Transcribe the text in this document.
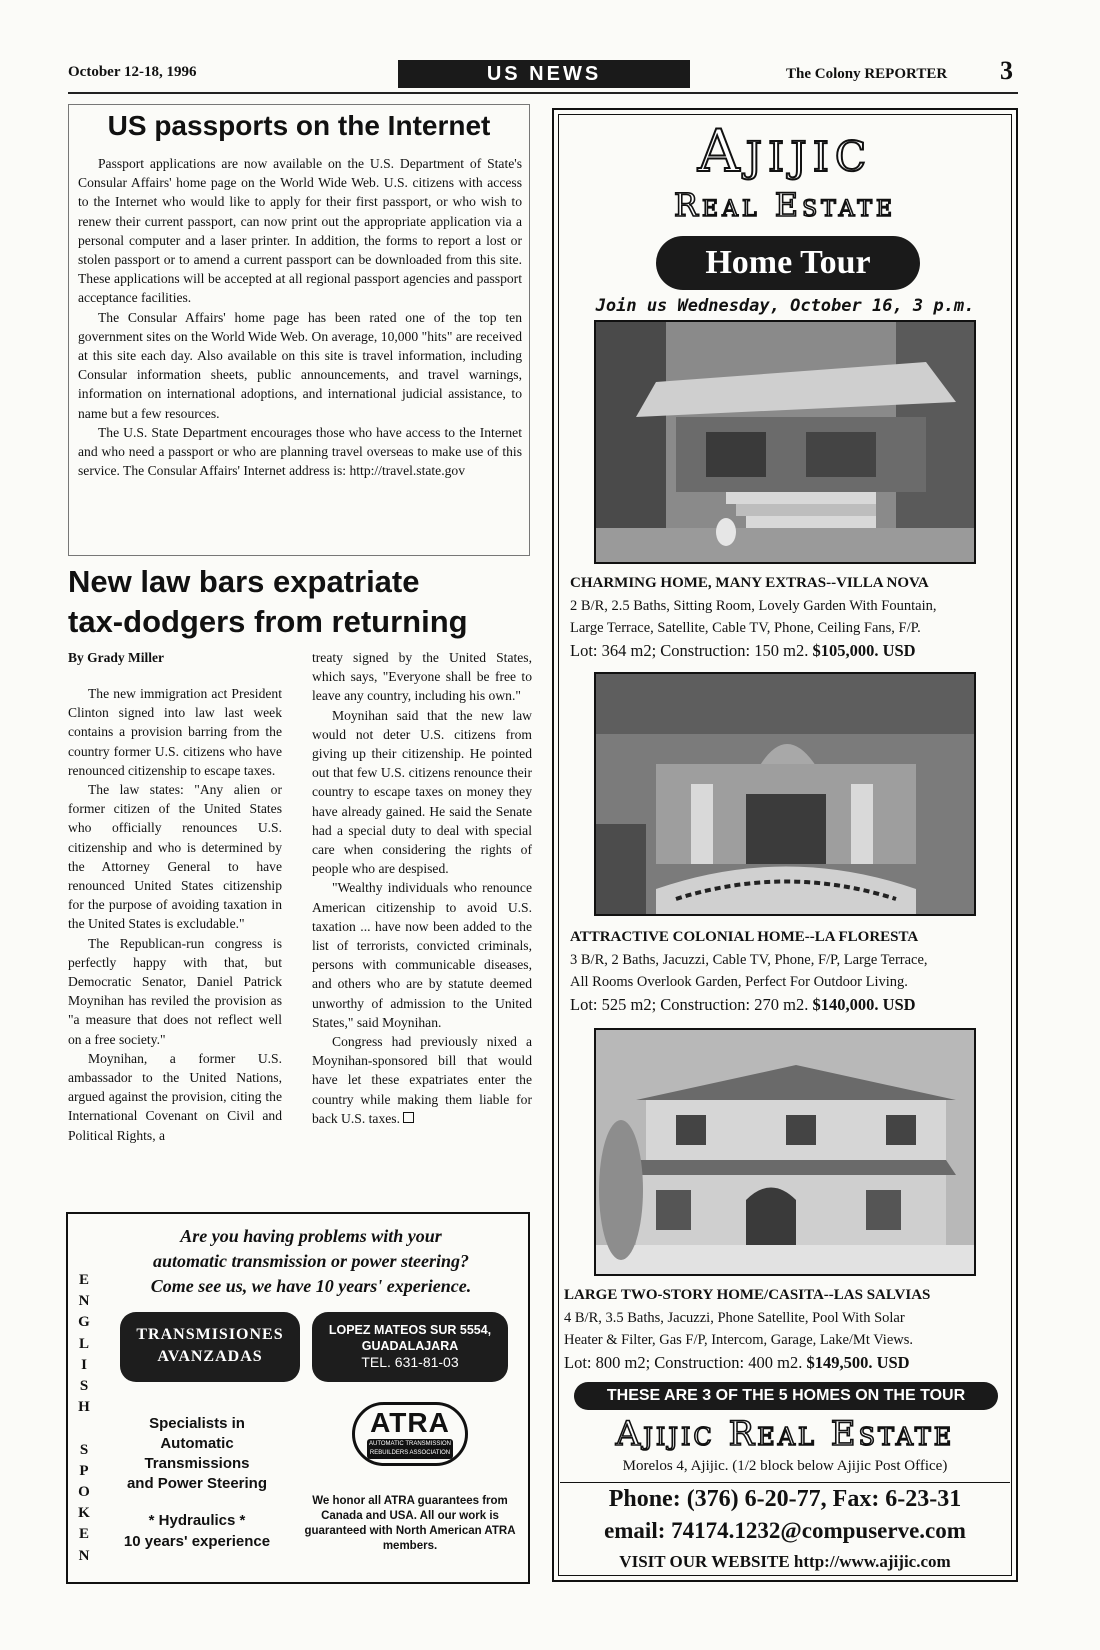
October 12-18, 1996	US NEWS	The Colony REPORTER 3
US passports on the Internet

Passport applications are now available on the U.S. Department of State's Consular Affairs' home page on the World Wide Web. U.S. citizens with access to the Internet who would like to apply for their first passport, or who wish to renew their current passport, can now print out the appropriate application via a personal computer and a laser printer. In addition, the forms to report a lost or stolen passport or to amend a current passport can be downloaded from this site. These applications will be accepted at all regional passport agencies and passport acceptance facilities.

The Consular Affairs' home page has been rated one of the top ten government sites on the World Wide Web. On average, 10,000 "hits" are received at this site each day. Also available on this site is travel information, including Consular information sheets, public announcements, and travel warnings, information on international adoptions, and international judicial assistance, to name but a few resources.

The U.S. State Department encourages those who have access to the Internet and who need a passport or who are planning travel overseas to make use of this service. The Consular Affairs' Internet address is: http://travel.state.gov

New law bars expatriate
tax-dodgers from returning
By Grady Miller

The new immigration act President Clinton signed into law last week contains a provision barring from the country former U.S. citizens who have renounced citizenship to escape taxes.

The law states: "Any alien or former citizen of the United States who officially renounces U.S. citizenship and who is determined by the Attorney General to have renounced United States citizenship for the purpose of avoiding taxation in the United States is excludable."

The Republican-run congress is perfectly happy with that, but Democratic Senator, Daniel Patrick Moynihan has reviled the provision as "a measure that does not reflect well on a free society."

Moynihan, a former U.S. ambassador to the United Nations, argued against the provision, citing the International Covenant on Civil and Political Rights, a

treaty signed by the United States, which says, "Everyone shall be free to leave any country, including his own."

Moynihan said that the new law would not deter U.S. citizens from giving up their citizenship. He pointed out that few U.S. citizens renounce their country to escape taxes on money they have already gained. He said the Senate had a special duty to deal with special care when considering the rights of people who are despised.

"Wealthy individuals who renounce American citizenship to avoid U.S. taxation ... have now been added to the list of terrorists, convicted criminals, persons with communicable diseases, and others who are by statute deemed unworthy of admission to the United States," said Moynihan.

Congress had previously nixed a Moynihan-sponsored bill that would have let these expatriates enter the country while making them liable for back U.S. taxes.

E
N
G
L
I
S
H

S
P
O
K
E
N
Are you having problems with your
automatic transmission or power steering?
Come see us, we have 10 years' experience.
TRANSMISIONES
AVANZADAS
LOPEZ MATEOS SUR 5554,
GUADALAJARA
TEL. 631-81-03
Specialists in
Automatic
Transmissions
and Power Steering
* Hydraulics *
10 years' experience
ATRA
AUTOMATIC TRANSMISSION REBUILDERS ASSOCIATION
We honor all ATRA guarantees from Canada and USA. All our work is guaranteed with North American ATRA members.
Ajijic
Real Estate
Home Tour
Join us Wednesday, October 16, 3 p.m.
CHARMING HOME, MANY EXTRAS--VILLA NOVA
2 B/R, 2.5 Baths, Sitting Room, Lovely Garden With Fountain,
Large Terrace, Satellite, Cable TV, Phone, Ceiling Fans, F/P.
Lot: 364 m2; Construction: 150 m2. $105,000. USD
ATTRACTIVE COLONIAL HOME--LA FLORESTA
3 B/R, 2 Baths, Jacuzzi, Cable TV, Phone, F/P, Large Terrace,
All Rooms Overlook Garden, Perfect For Outdoor Living.
Lot: 525 m2; Construction: 270 m2. $140,000. USD
LARGE TWO-STORY HOME/CASITA--LAS SALVIAS
4 B/R, 3.5 Baths, Jacuzzi, Phone Satellite, Pool With Solar
Heater & Filter, Gas F/P, Intercom, Garage, Lake/Mt Views.
Lot: 800 m2; Construction: 400 m2. $149,500. USD
THESE ARE 3 OF THE 5 HOMES ON THE TOUR
Ajijic Real Estate
Morelos 4, Ajijic. (1/2 block below Ajijic Post Office)
Phone: (376) 6-20-77, Fax: 6-23-31
email: 74174.1232@compuserve.com
VISIT OUR WEBSITE http://www.ajijic.com
